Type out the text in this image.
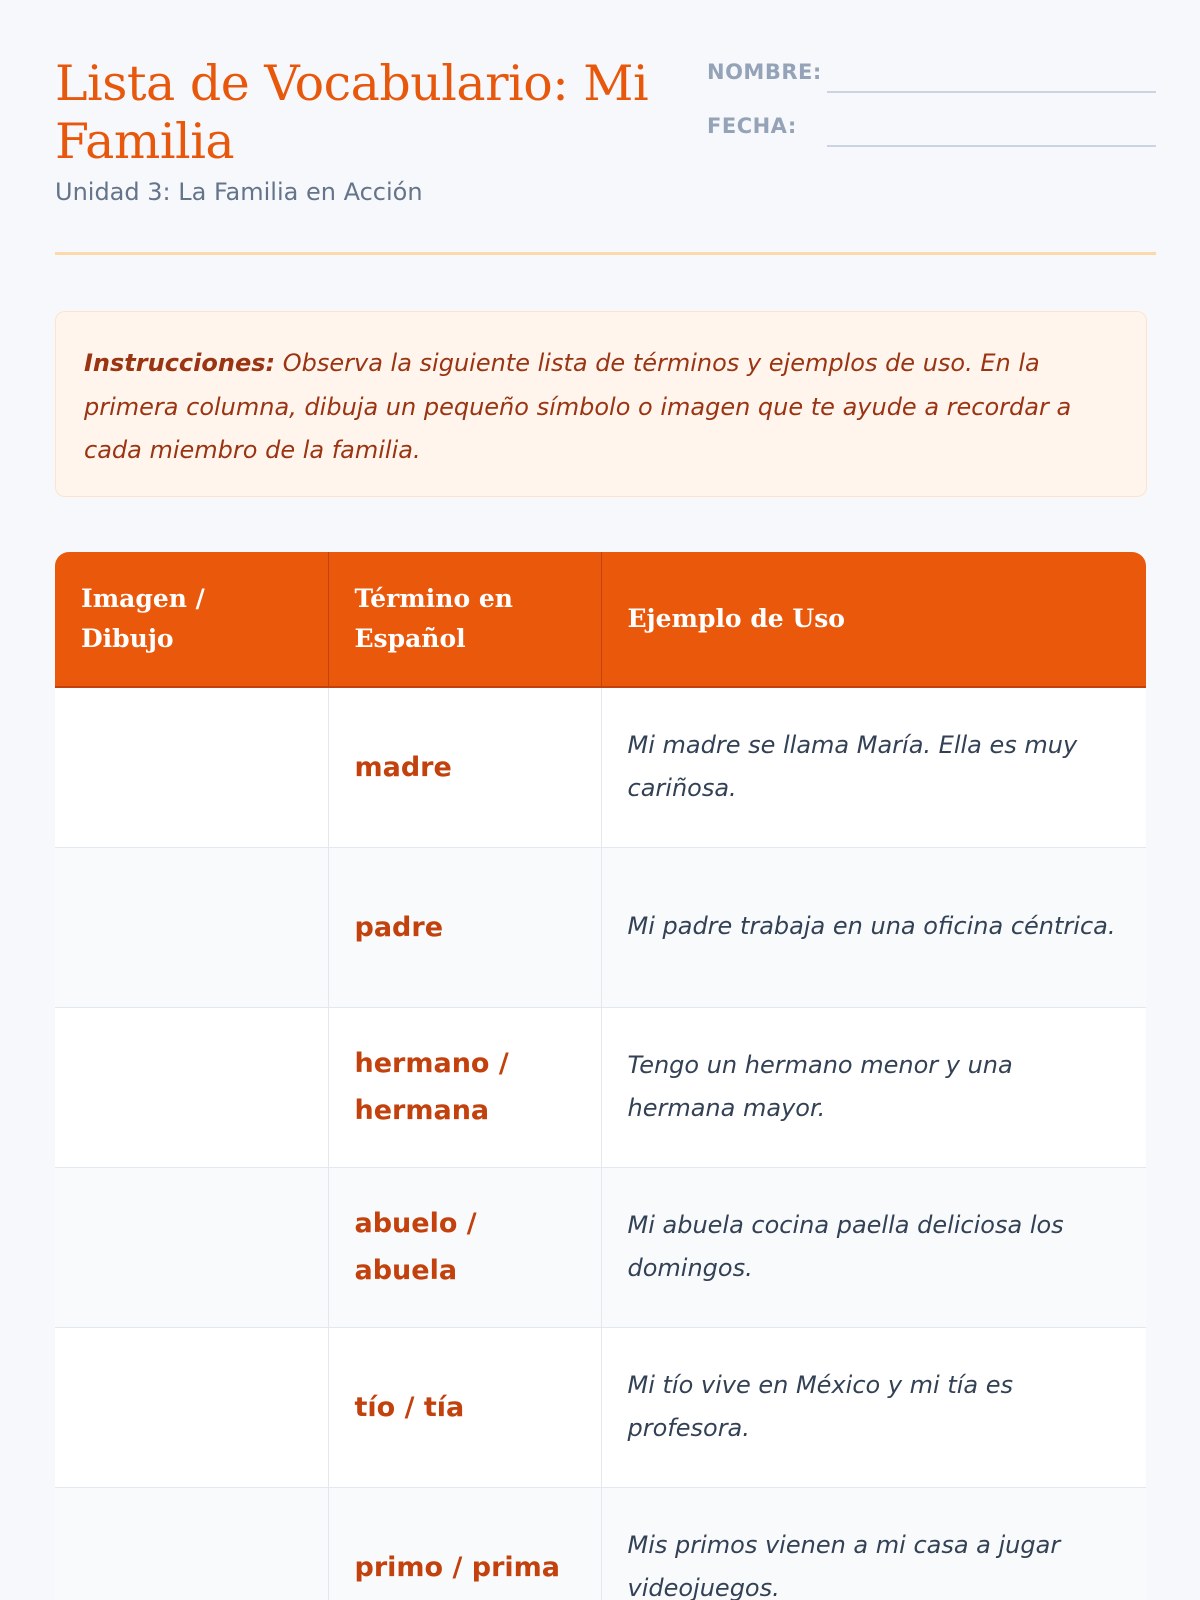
Lista de Vocabulario: Mi Familia
Unidad 3: La Familia en Acción
NOMBRE:
FECHA:
Instrucciones: Observa la siguiente lista de términos y ejemplos de uso. En la primera columna, dibuja un pequeño símbolo o imagen que te ayude a recordar a cada miembro de la familia.
Imagen / Dibujo	Término en Español	Ejemplo de Uso
	madre	Mi madre se llama María. Ella es muy cariñosa.
	padre	Mi padre trabaja en una oficina céntrica.
	hermano / hermana	Tengo un hermano menor y una hermana mayor.
	abuelo / abuela	Mi abuela cocina paella deliciosa los domingos.
	tío / tía	Mi tío vive en México y mi tía es profesora.
	primo / prima	Mis primos vienen a mi casa a jugar videojuegos.
